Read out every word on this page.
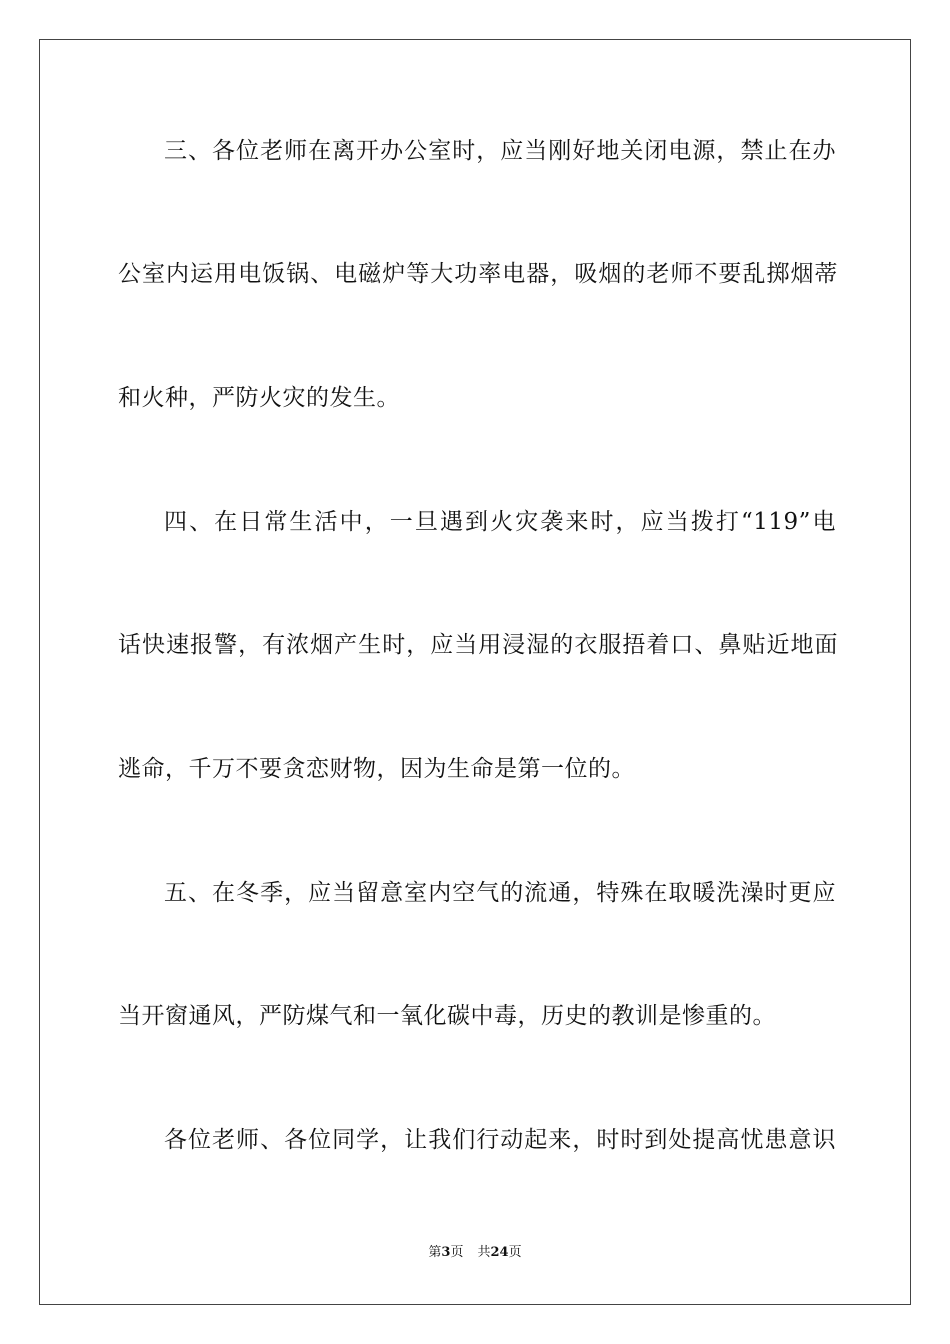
三、各位老师在离开办公室时，应当刚好地关闭电源，禁止在办
公室内运用电饭锅、电磁炉等大功率电器，吸烟的老师不要乱掷烟蒂
和火种，严防火灾的发生。
四、在日常生活中，一旦遇到火灾袭来时，应当拨打“119”电
话快速报警，有浓烟产生时，应当用浸湿的衣服捂着口、鼻贴近地面
逃命，千万不要贪恋财物，因为生命是第一位的。
五、在冬季，应当留意室内空气的流通，特殊在取暖洗澡时更应
当开窗通风，严防煤气和一氧化碳中毒，历史的教训是惨重的。
各位老师、各位同学，让我们行动起来，时时到处提高忧患意识
第3页 共24页
